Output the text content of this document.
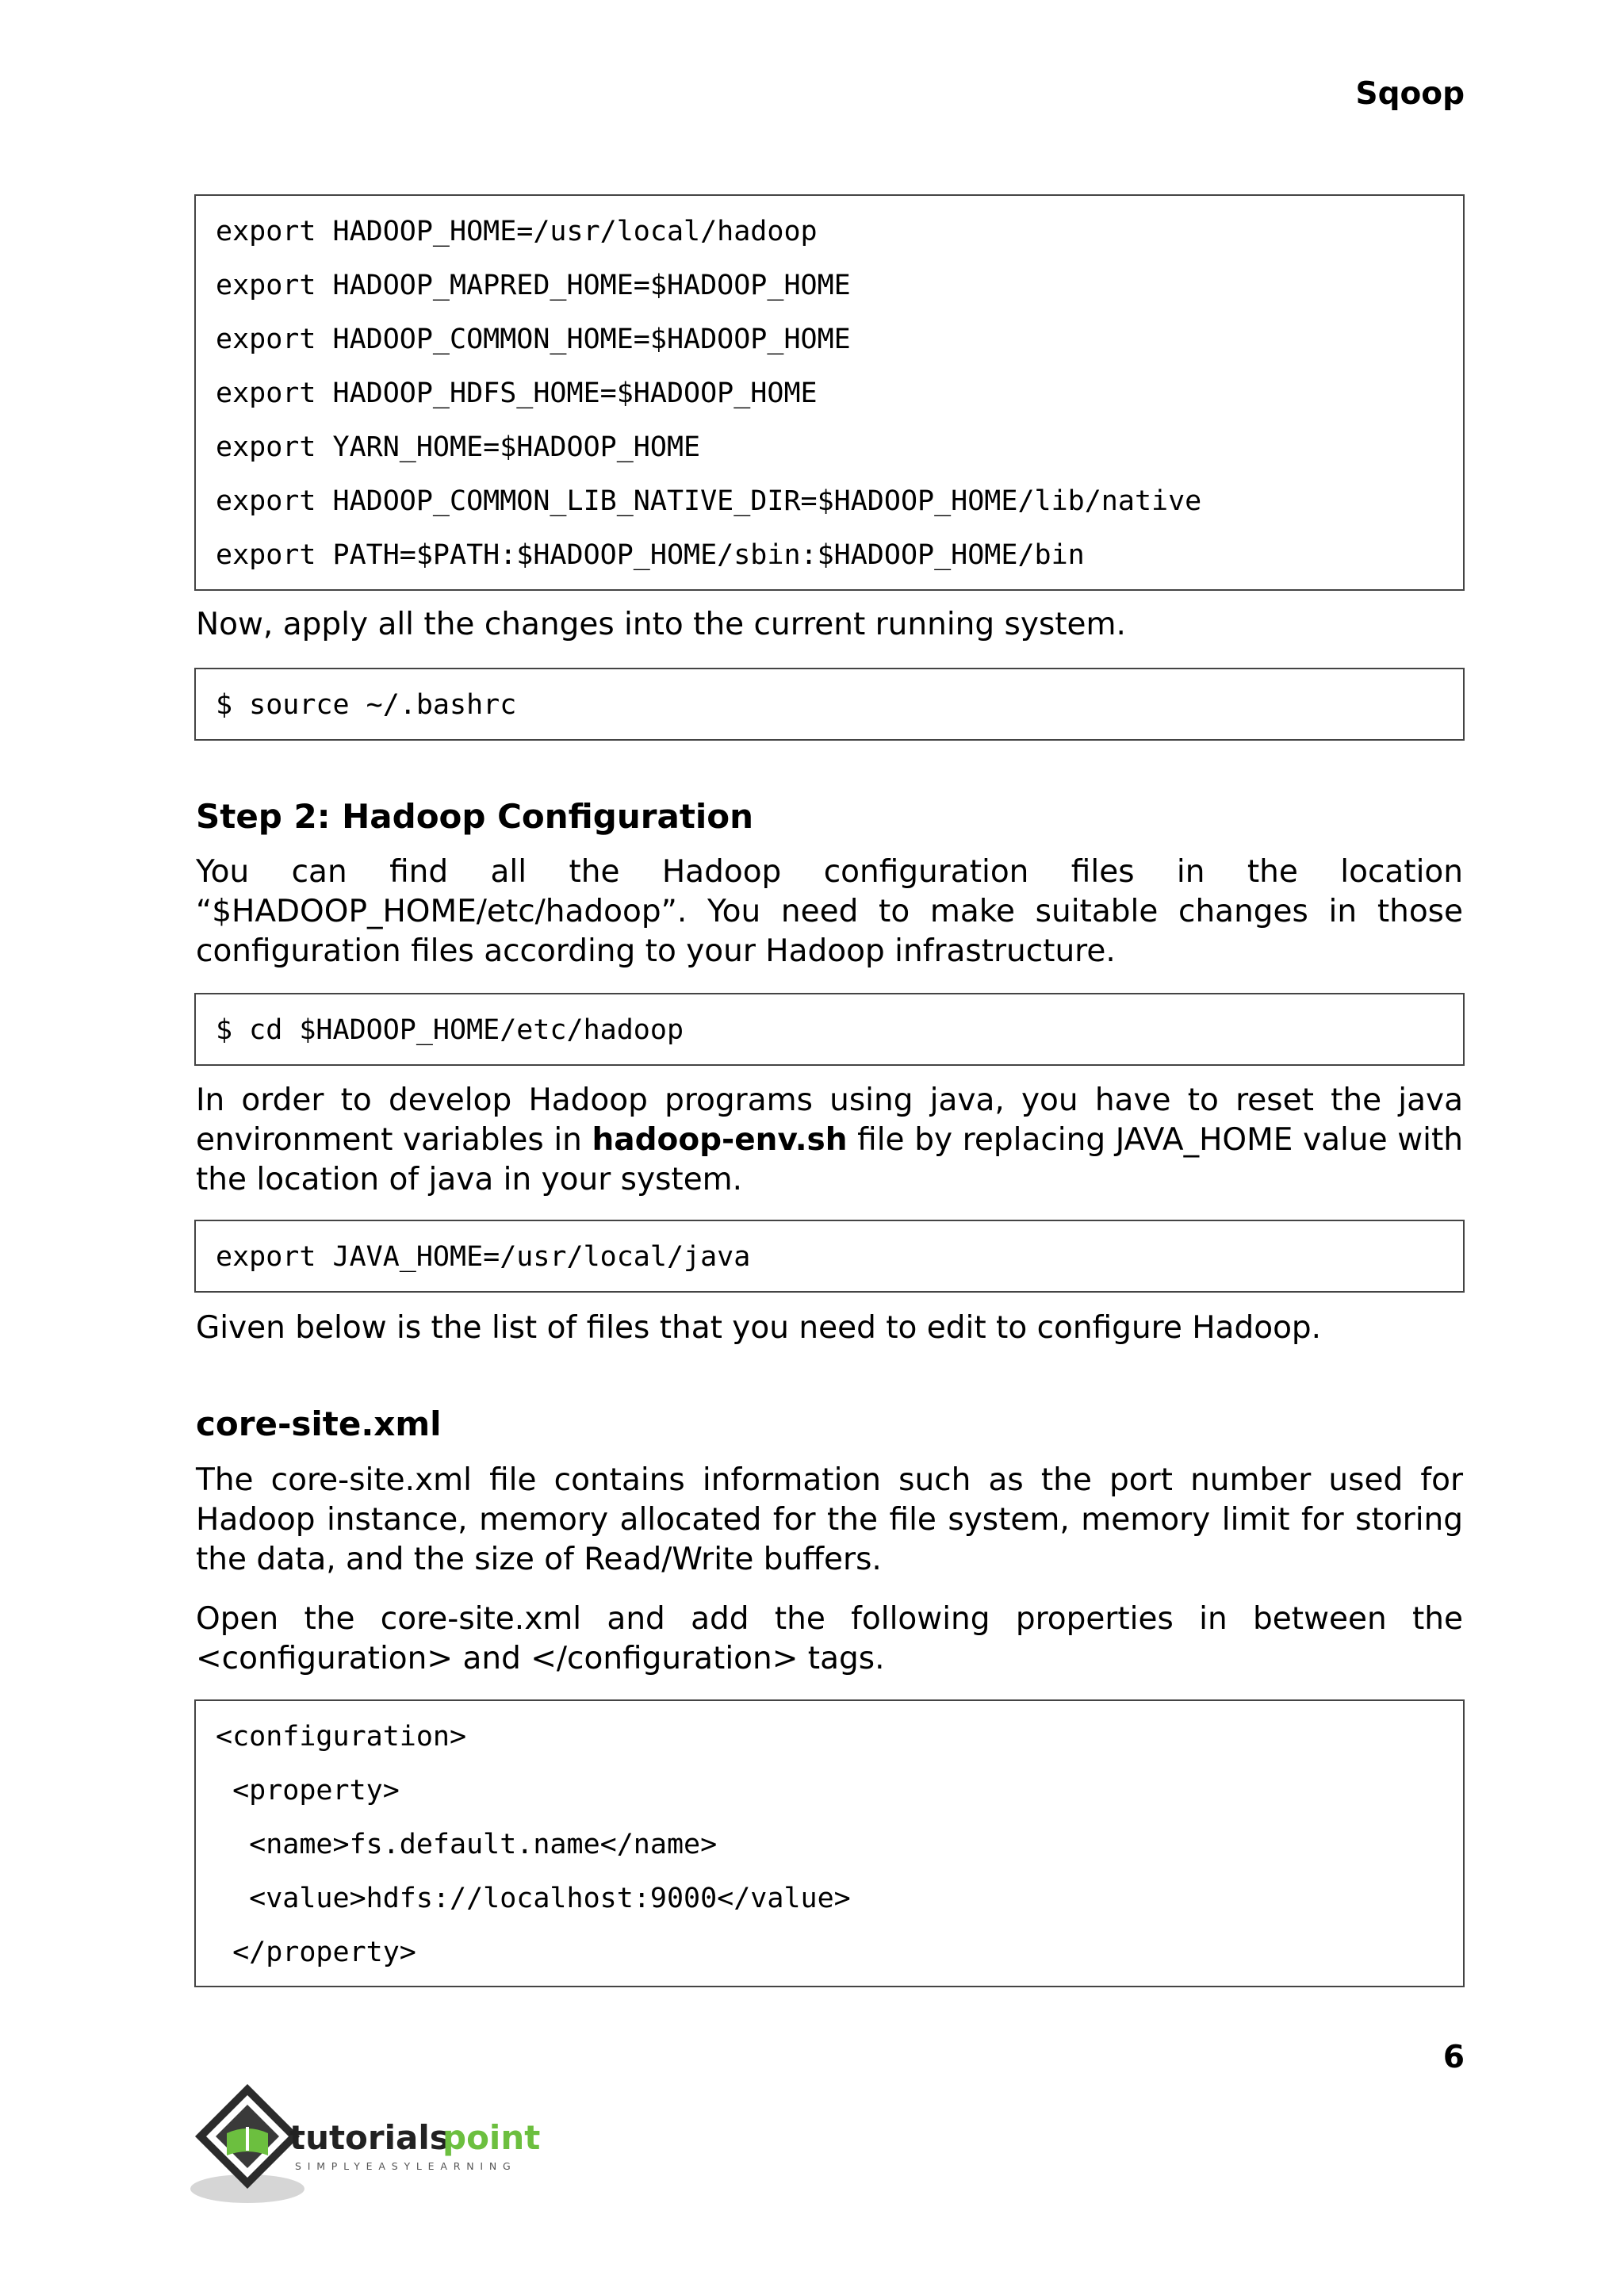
Sqoop
export HADOOP_HOME=/usr/local/hadoop
export HADOOP_MAPRED_HOME=$HADOOP_HOME
export HADOOP_COMMON_HOME=$HADOOP_HOME
export HADOOP_HDFS_HOME=$HADOOP_HOME
export YARN_HOME=$HADOOP_HOME
export HADOOP_COMMON_LIB_NATIVE_DIR=$HADOOP_HOME/lib/native
export PATH=$PATH:$HADOOP_HOME/sbin:$HADOOP_HOME/bin

Now, apply all the changes into the current running system.

$ source ~/.bashrc
Step 2: Hadoop Configuration

You can find all the Hadoop configuration files in the location “$HADOOP_HOME/etc/hadoop”. You need to make suitable changes in those configuration files according to your Hadoop infrastructure.

$ cd $HADOOP_HOME/etc/hadoop

In order to develop Hadoop programs using java, you have to reset the java environment variables in hadoop-env.sh file by replacing JAVA_HOME value with the location of java in your system.

export JAVA_HOME=/usr/local/java

Given below is the list of files that you need to edit to configure Hadoop.

core-site.xml

The core-site.xml file contains information such as the port number used for Hadoop instance, memory allocated for the file system, memory limit for storing the data, and the size of Read/Write buffers.

Open the core-site.xml and add the following properties in between the <configuration> and </configuration> tags.

<configuration>
<property>
<name>fs.default.name</name>
<value>hdfs://localhost:9000</value>
</property>
6
tutorials
point
SIMPLYEASYLEARNING
